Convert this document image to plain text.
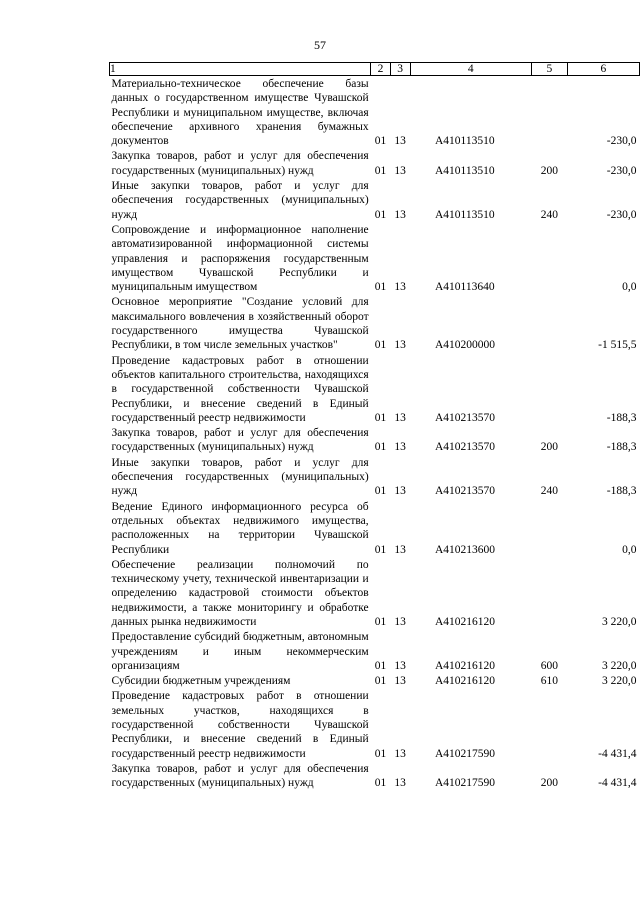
57
1	2	3	4	5	6

Материально-техническое обеспечение базы данных о государственном имуществе Чувашской Республики и муниципальном имуществе, включая обеспечение архивного хранения бумажных документов	01	13	А410113510		-230,0

Закупка товаров, работ и услуг для обеспечения государственных (муниципальных) нужд	01	13	А410113510	200	-230,0

Иные закупки товаров, работ и услуг для обеспечения государственных (муниципальных) нужд	01	13	А410113510	240	-230,0

Сопровождение и информационное наполнение автоматизированной информационной системы управления и распоряжения государственным имуществом Чувашской Республики и муниципальным имуществом	01	13	А410113640		0,0

Основное мероприятие "Создание условий для максимального вовлечения в хозяйственный оборот государственного имущества Чувашской Республики, в том числе земельных участков"	01	13	А410200000		-1 515,5

Проведение кадастровых работ в отношении объектов капитального строительства, находящихся в государственной собственности Чувашской Республики, и внесение сведений в Единый государственный реестр недвижимости	01	13	А410213570		-188,3

Закупка товаров, работ и услуг для обеспечения государственных (муниципальных) нужд	01	13	А410213570	200	-188,3

Иные закупки товаров, работ и услуг для обеспечения государственных (муниципальных) нужд	01	13	А410213570	240	-188,3

Ведение Единого информационного ресурса об отдельных объектах недвижимого имущества, расположенных на территории Чувашской Республики	01	13	А410213600		0,0

Обеспечение реализации полномочий по техническому учету, технической инвентаризации и определению кадастровой стоимости объектов недвижимости, а также мониторингу и обработке данных рынка недвижимости	01	13	А410216120		3 220,0

Предоставление субсидий бюджетным, автономным учреждениям и иным некоммерческим организациям	01	13	А410216120	600	3 220,0

Субсидии бюджетным учреждениям	01	13	А410216120	610	3 220,0

Проведение кадастровых работ в отношении земельных участков, находящихся в государственной собственности Чувашской Республики, и внесение сведений в Единый государственный реестр недвижимости	01	13	А410217590		-4 431,4

Закупка товаров, работ и услуг для обеспечения государственных (муниципальных) нужд	01	13	А410217590	200	-4 431,4
